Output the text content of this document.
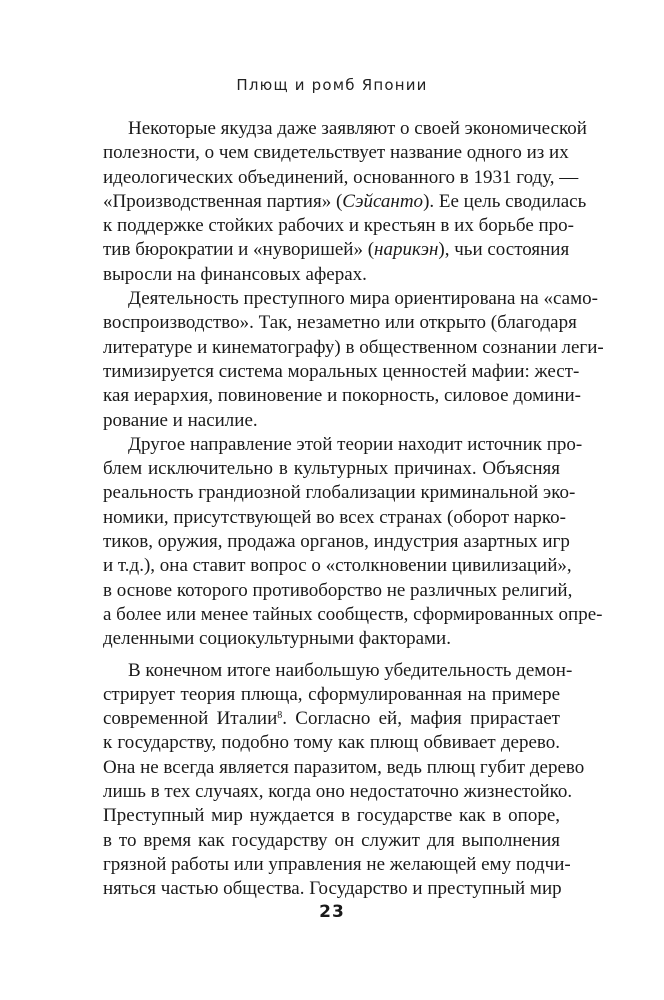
Плющ и ромб Японии
Некоторые якудза даже заявляют о своей экономической
полезности, о чем свидетельствует название одного из их
идеологических объединений, основанного в 1931 году, —
«Производственная партия» (Сэйсанто). Ее цель сводилась
к поддержке стойких рабочих и крестьян в их борьбе про-
тив бюрократии и «нуворишей» (нарикэн), чьи состояния
выросли на финансовых аферах.
Деятельность преступного мира ориентирована на «само-
воспроизводство». Так, незаметно или открыто (благодаря
литературе и кинематографу) в общественном сознании леги-
тимизируется система моральных ценностей мафии: жест-
кая иерархия, повиновение и покорность, силовое домини-
рование и насилие.
Другое направление этой теории находит источник про-
блем исключительно в культурных причинах. Объясняя
реальность грандиозной глобализации криминальной эко-
номики, присутствующей во всех странах (оборот нарко-
тиков, оружия, продажа органов, индустрия азартных игр
и т.д.), она ставит вопрос о «столкновении цивилизаций»,
в основе которого противоборство не различных религий,
а более или менее тайных сообществ, сформированных опре-
деленными социокультурными факторами.
В конечном итоге наибольшую убедительность демон-
стрирует теория плюща, сформулированная на примере
современной Италии$^8$. Согласно ей, мафия прирастает
к государству, подобно тому как плющ обвивает дерево.
Она не всегда является паразитом, ведь плющ губит дерево
лишь в тех случаях, когда оно недостаточно жизнестойко.
Преступный мир нуждается в государстве как в опоре,
в то время как государству он служит для выполнения
грязной работы или управления не желающей ему подчи-
няться частью общества. Государство и преступный мир
23
